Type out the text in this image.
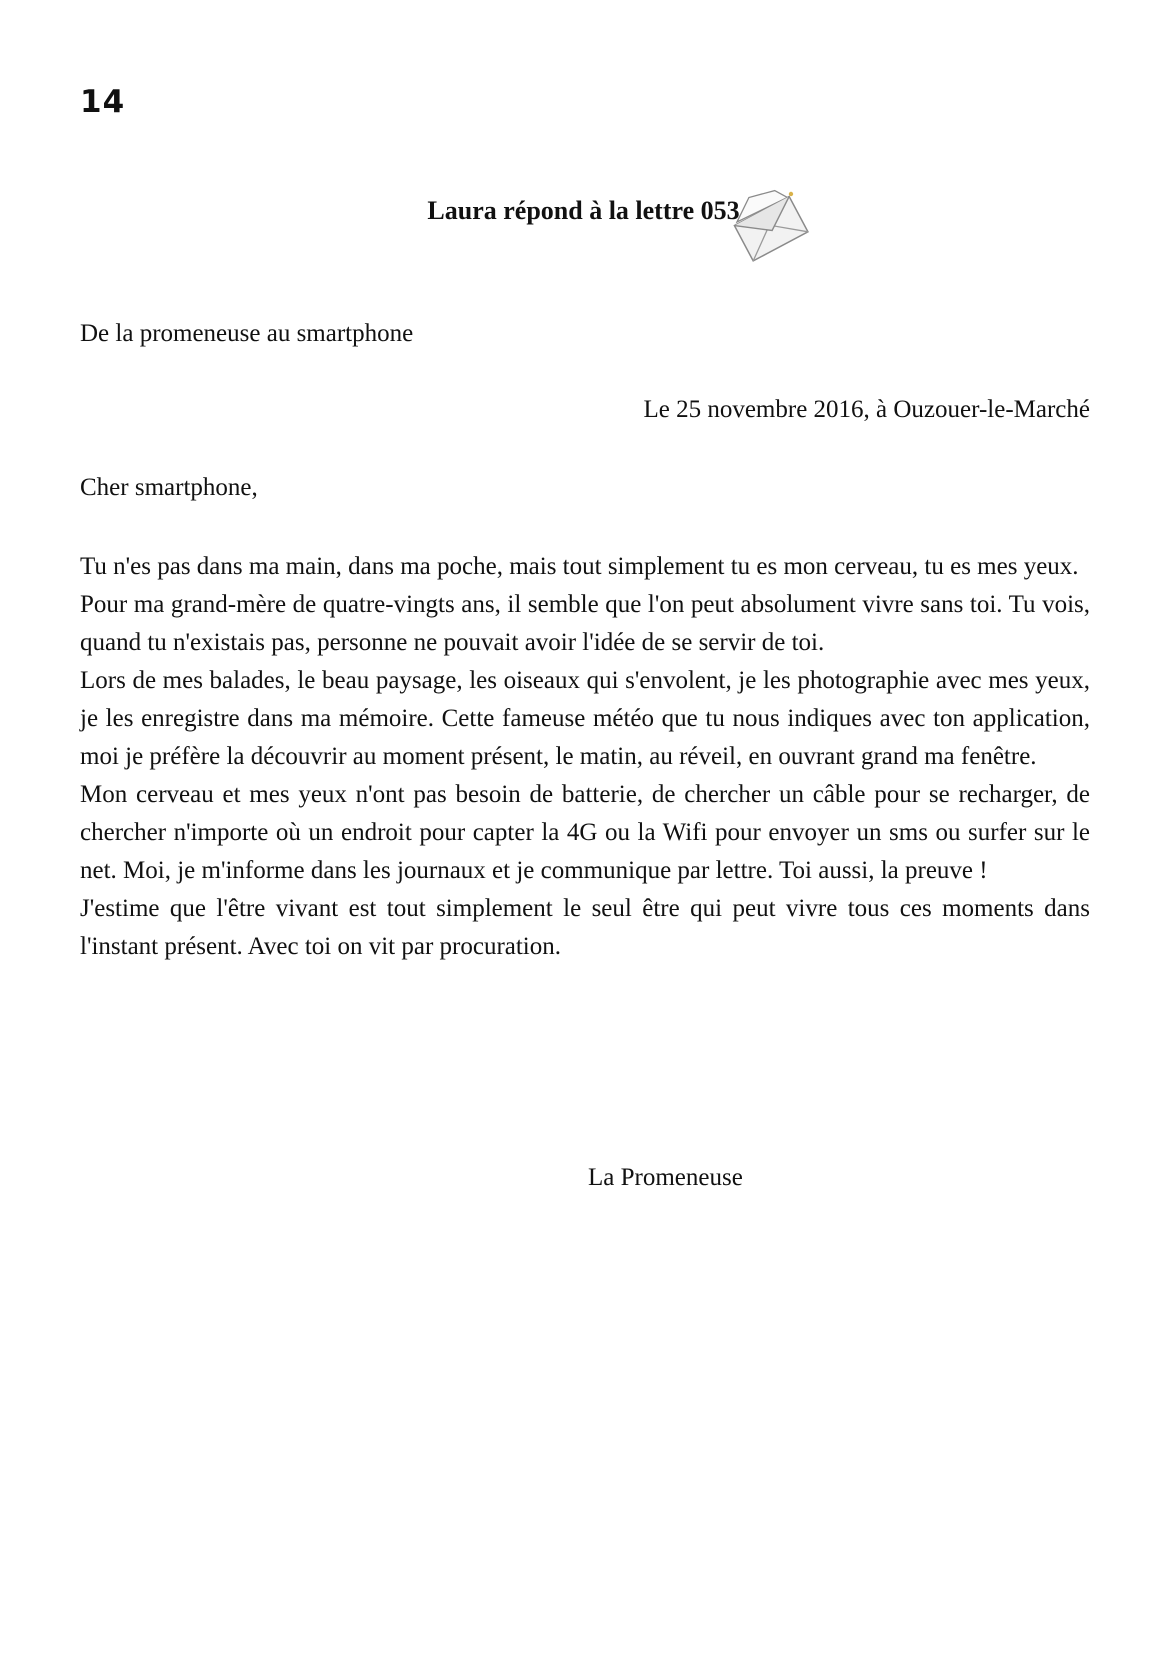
14
Laura répond à la lettre 053
De la promeneuse au smartphone
Le 25 novembre 2016, à Ouzouer-le-Marché
Cher smartphone,

Tu n'es pas dans ma main, dans ma poche, mais tout simplement tu es mon cerveau, tu es mes yeux.

Pour ma grand-mère de quatre-vingts ans, il semble que l'on peut absolument vivre sans toi. Tu vois, quand tu n'existais pas, personne ne pouvait avoir l'idée de se servir de toi.

Lors de mes balades, le beau paysage, les oiseaux qui s'envolent, je les photographie avec mes yeux, je les enregistre dans ma mémoire. Cette fameuse météo que tu nous indiques avec ton application, moi je préfère la découvrir au moment présent, le matin, au réveil, en ouvrant grand ma fenêtre.

Mon cerveau et mes yeux n'ont pas besoin de batterie, de chercher un câble pour se recharger, de chercher n'importe où un endroit pour capter la 4G ou la Wifi pour envoyer un sms ou surfer sur le net. Moi, je m'informe dans les journaux et je communique par lettre. Toi aussi, la preuve !

J'estime que l'être vivant est tout simplement le seul être qui peut vivre tous ces moments dans l'instant présent. Avec toi on vit par procuration.

La Promeneuse
